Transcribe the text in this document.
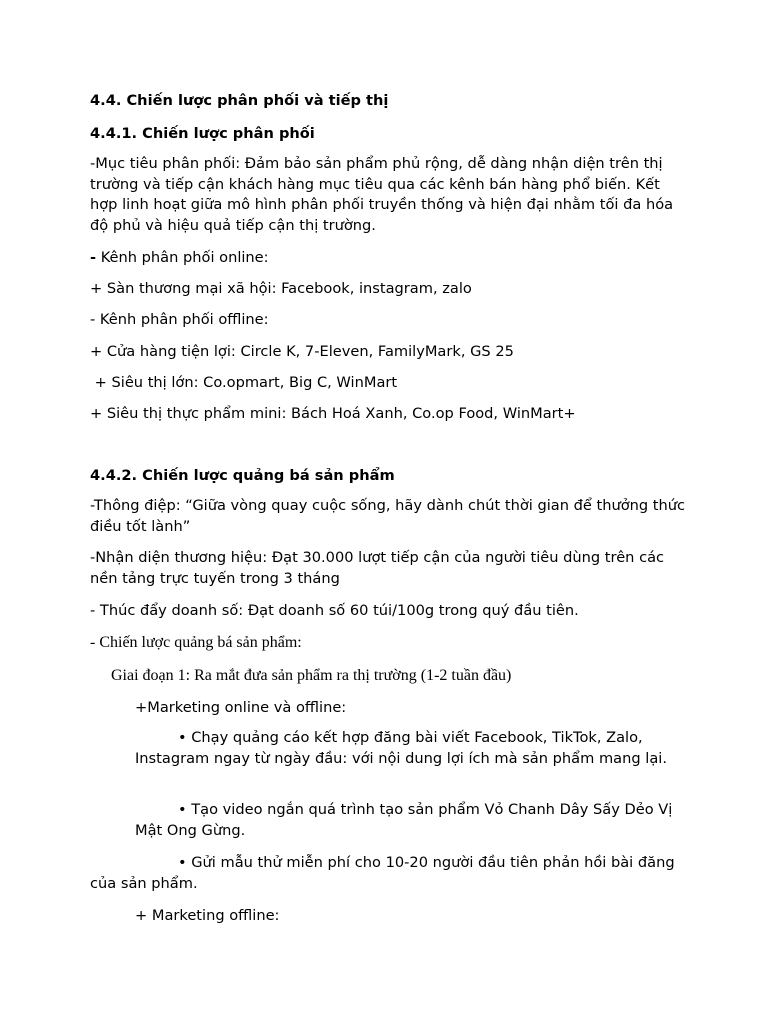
4.4. Chiến lược phân phối và tiếp thị
4.4.1. Chiến lược phân phối
-Mục tiêu phân phối: Đảm bảo sản phẩm phủ rộng, dễ dàng nhận diện trên thị trường và tiếp cận khách hàng mục tiêu qua các kênh bán hàng phổ biến. Kết hợp linh hoạt giữa mô hình phân phối truyền thống và hiện đại nhằm tối đa hóa độ phủ và hiệu quả tiếp cận thị trường.
- Kênh phân phối online:
+ Sàn thương mại xã hội: Facebook, instagram, zalo
- Kênh phân phối offline:
+ Cửa hàng tiện lợi: Circle K, 7-Eleven, FamilyMark, GS 25
+ Siêu thị lớn: Co.opmart, Big C, WinMart
+ Siêu thị thực phẩm mini: Bách Hoá Xanh, Co.op Food, WinMart+
4.4.2. Chiến lược quảng bá sản phẩm
-Thông điệp: “Giữa vòng quay cuộc sống, hãy dành chút thời gian để thưởng thức điều tốt lành”
-Nhận diện thương hiệu: Đạt 30.000 lượt tiếp cận của người tiêu dùng trên các nền tảng trực tuyến trong 3 tháng
- Thúc đẩy doanh số: Đạt doanh số 60 túi/100g trong quý đầu tiên.
- Chiến lược quảng bá sản phẩm:
Giai đoạn 1: Ra mắt đưa sản phẩm ra thị trường (1-2 tuần đầu)
+Marketing online và offline:
• Chạy quảng cáo kết hợp đăng bài viết Facebook, TikTok, Zalo, Instagram ngay từ ngày đầu: với nội dung lợi ích mà sản phẩm mang lại.
• Tạo video ngắn quá trình tạo sản phẩm Vỏ Chanh Dây Sấy Dẻo Vị Mật Ong Gừng.
• Gửi mẫu thử miễn phí cho 10-20 người đầu tiên phản hồi bài đăng của sản phẩm.
+ Marketing offline:
